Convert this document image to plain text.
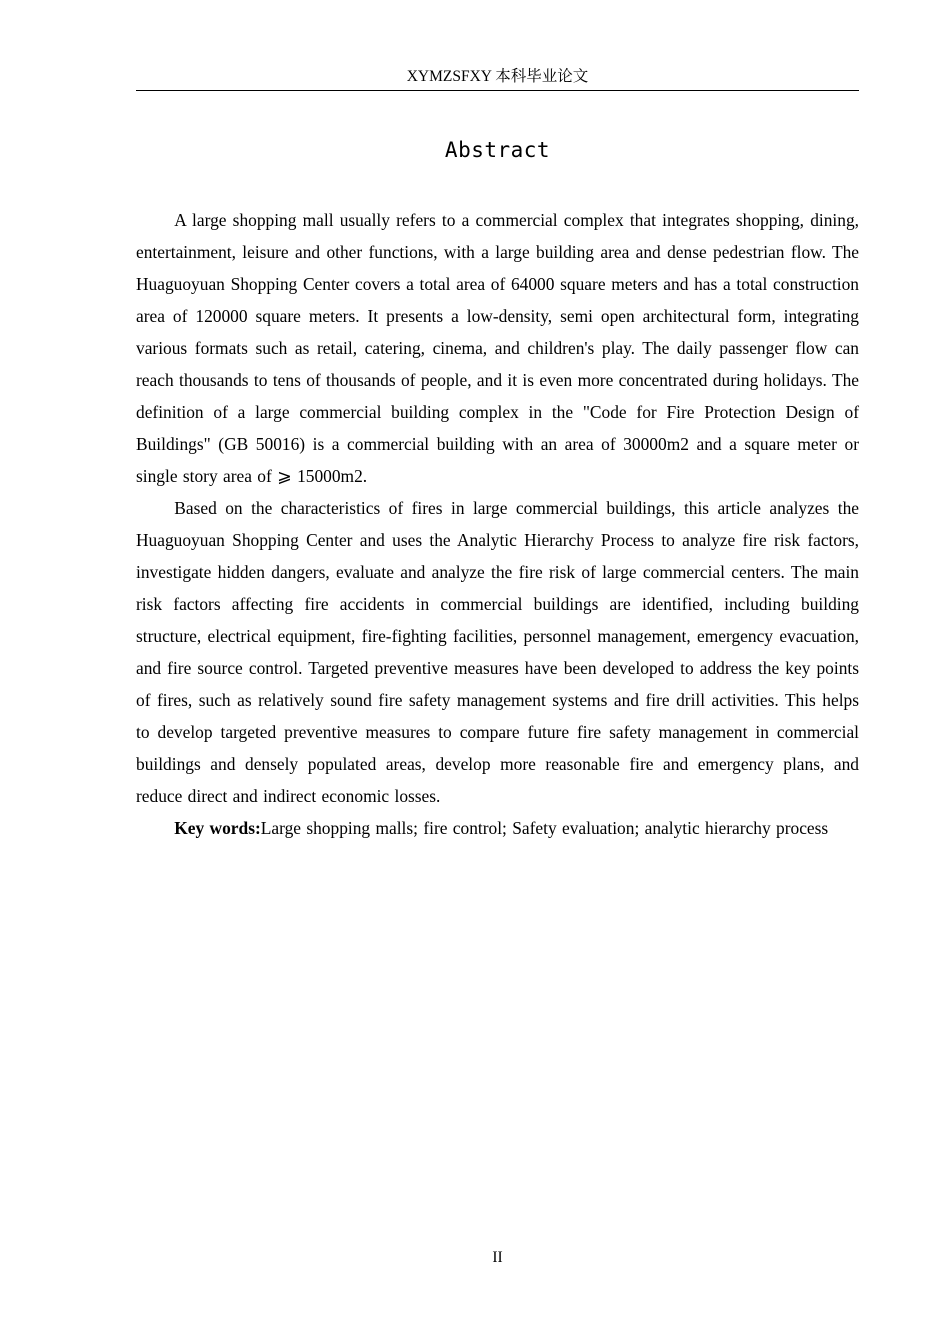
XYMZSFXY 本科毕业论文
Abstract

A large shopping mall usually refers to a commercial complex that integrates shopping, dining, entertainment, leisure and other functions, with a large building area and dense pedestrian flow. The Huaguoyuan Shopping Center covers a total area of 64000 square meters and has a total construction area of 120000 square meters. It presents a low-density, semi open architectural form, integrating various formats such as retail, catering, cinema, and children's play. The daily passenger flow can reach thousands to tens of thousands of people, and it is even more concentrated during holidays. The definition of a large commercial building complex in the "Code for Fire Protection Design of Buildings" (GB 50016) is a commercial building with an area of 30000m2 and a square meter or single story area of ⩾ 15000m2.

Based on the characteristics of fires in large commercial buildings, this article analyzes the Huaguoyuan Shopping Center and uses the Analytic Hierarchy Process to analyze fire risk factors, investigate hidden dangers, evaluate and analyze the fire risk of large commercial centers. The main risk factors affecting fire accidents in commercial buildings are identified, including building structure, electrical equipment, fire-fighting facilities, personnel management, emergency evacuation, and fire source control. Targeted preventive measures have been developed to address the key points of fires, such as relatively sound fire safety management systems and fire drill activities. This helps to develop targeted preventive measures to compare future fire safety management in commercial buildings and densely populated areas, develop more reasonable fire and emergency plans, and reduce direct and indirect economic losses.

Key words:Large shopping malls; fire control; Safety evaluation; analytic hierarchy process

II
